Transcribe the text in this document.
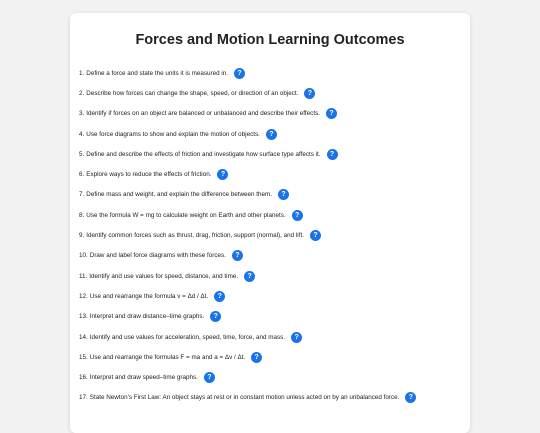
Forces and Motion Learning Outcomes
1. Define a force and state the units it is measured in.	?
2. Describe how forces can change the shape, speed, or direction of an object.	?
3. Identify if forces on an object are balanced or unbalanced and describe their effects.	?
4. Use force diagrams to show and explain the motion of objects.	?
5. Define and describe the effects of friction and investigate how surface type affects it.	?
6. Explore ways to reduce the effects of friction.	?
7. Define mass and weight, and explain the difference between them.	?
8. Use the formula W = mg to calculate weight on Earth and other planets.	?
9. Identify common forces such as thrust, drag, friction, support (normal), and lift.	?
10. Draw and label force diagrams with these forces.	?
11. Identify and use values for speed, distance, and time.	?
12. Use and rearrange the formula v = Δd / Δt.	?
13. Interpret and draw distance–time graphs.	?
14. Identify and use values for acceleration, speed, time, force, and mass.	?
15. Use and rearrange the formulas F = ma and a = Δv / Δt.	?
16. Interpret and draw speed–time graphs.	?
17. State Newton’s First Law: An object stays at rest or in constant motion unless acted on by an unbalanced force.	?
